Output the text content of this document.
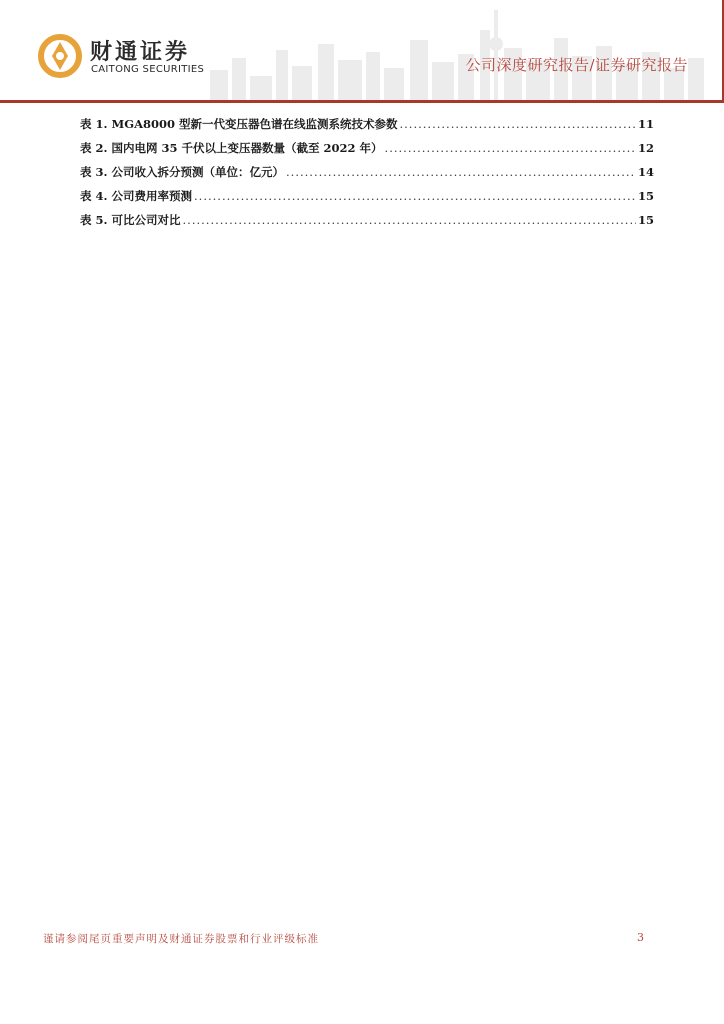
财通证券
CAITONG SECURITIES	公司深度研究报告/证券研究报告
表 1. MGA8000 型新一代变压器色谱在线监测系统技术参数 .....	11
表 2. 国内电网 35 千伏以上变压器数量（截至 2022 年） .....	12
表 3. 公司收入拆分预测（单位：亿元） .....	14
表 4. 公司费用率预测 .....	15
表 5. 可比公司对比 .....	15
谨请参阅尾页重要声明及财通证券股票和行业评级标准	3
